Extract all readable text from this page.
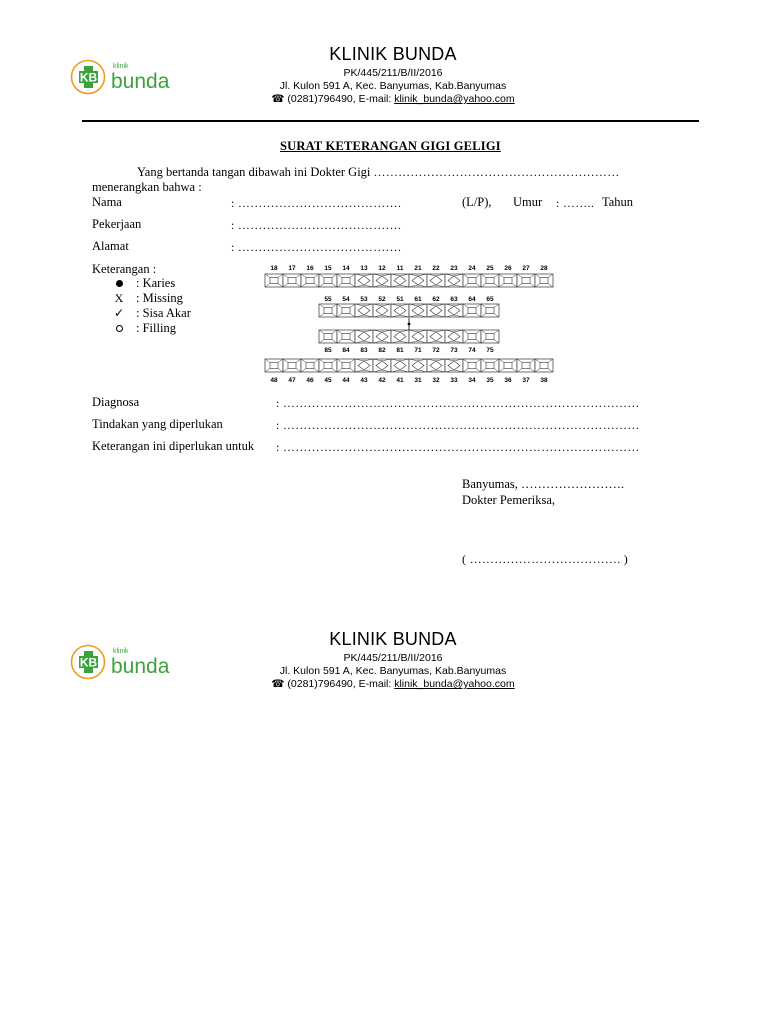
KB
klinik
bunda
KLINIK BUNDA
PK/445/211/B/II/2016
Jl. Kulon 591 A, Kec. Banyumas, Kab.Banyumas
☎ (0281)796490, E-mail: klinik_bunda@yahoo.com
SURAT KETERANGAN GIGI GELIGI
Yang bertanda tangan dibawah ini Dokter Gigi ……………………………………………………
menerangkan bahwa :
Nama	: ………………………………….	(L/P), Umur : …….. Tahun
Pekerjaan	: ………………………………….
Alamat	: ………………………………….
Keterangan :
: Karies
X : Missing
✓ : Sisa Akar
: Filling
18 17 16 15 14 13 12 11 21 22 23 24 25 26 27 28
55 54 53 52 51 61 62 63 64 65
85 84 83 82 81 71 72 73 74 75
48 47 46 45 44 43 42 41 31 32 33 34 35 36 37 38
Diagnosa	: ……………………………………………………………………………
Tindakan yang diperlukan	: ……………………………………………………………………………
Keterangan ini diperlukan untuk : ……………………………………………………………………………
Banyumas, …………………….
Dokter Pemeriksa,
( ………………………………. )
KB
klinik
bunda
KLINIK BUNDA
PK/445/211/B/II/2016
Jl. Kulon 591 A, Kec. Banyumas, Kab.Banyumas
☎ (0281)796490, E-mail: klinik_bunda@yahoo.com
